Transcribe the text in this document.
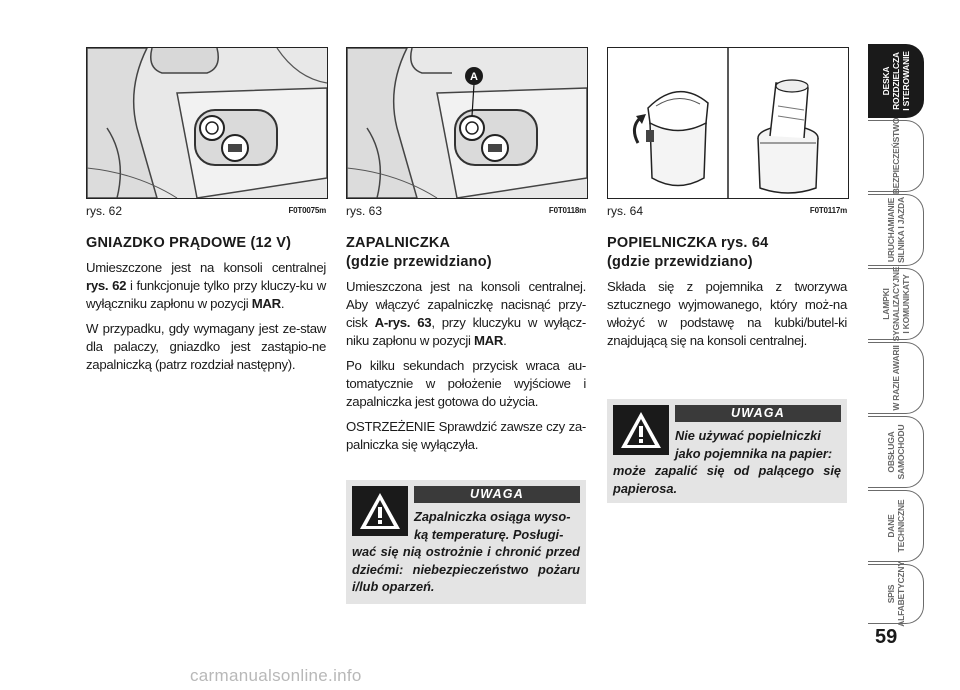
rys. 62	F0T0075m
A
rys. 63	F0T0118m rys. 64	F0T0117m
GNIAZDKO PRĄDOWE (12 V)

Umieszczone jest na konsoli centralnej rys. 62 i funkcjonuje tylko przy kluczy-ku w wyłączniku zapłonu w pozycji MAR.

W przypadku, gdy wymagany jest ze-staw dla palaczy, gniazdko jest zastąpio-ne zapalniczką (patrz rozdział następny).

ZAPALNICZKA
(gdzie przewidziano)

Umieszczona jest na konsoli centralnej. Aby włączyć zapalniczkę nacisnąć przy-cisk A-rys. 63, przy kluczyku w wyłącz-niku zapłonu w pozycji MAR.

Po kilku sekundach przycisk wraca au-tomatycznie w położenie wyjściowe i zapalniczka jest gotowa do użycia.

OSTRZEŻENIE Sprawdzić zawsze czy za-palniczka się wyłączyła.

UWAGA
Zapalniczka osiąga wyso-
ką temperaturę. Posługi-
wać się nią ostrożnie i chronić przed dziećmi: niebezpieczeństwo pożaru i/lub oparzeń.
POPIELNICZKA rys. 64
(gdzie przewidziano)

Składa się z pojemnika z tworzywa sztucznego wyjmowanego, który moż-na włożyć w podstawę na kubki/butel-ki znajdującą się na konsoli centralnej.

UWAGA
Nie używać popielniczki
jako pojemnika na papier:
może zapalić się od palącego się papierosa.
DESKA
ROZDZIELCZA
I STEROWANIE
BEZPIECZEŃSTWO
URUCHAMIANIE
SILNIKA I JAZDA
LAMPKI
SYGNALIZACYJNE
I KOMUNIKATY
W RAZIE AWARII
OBSŁUGA
SAMOCHODU
DANE
TECHNICZNE
SPIS
ALFABETYCZNY
59
carmanualsonline.info
